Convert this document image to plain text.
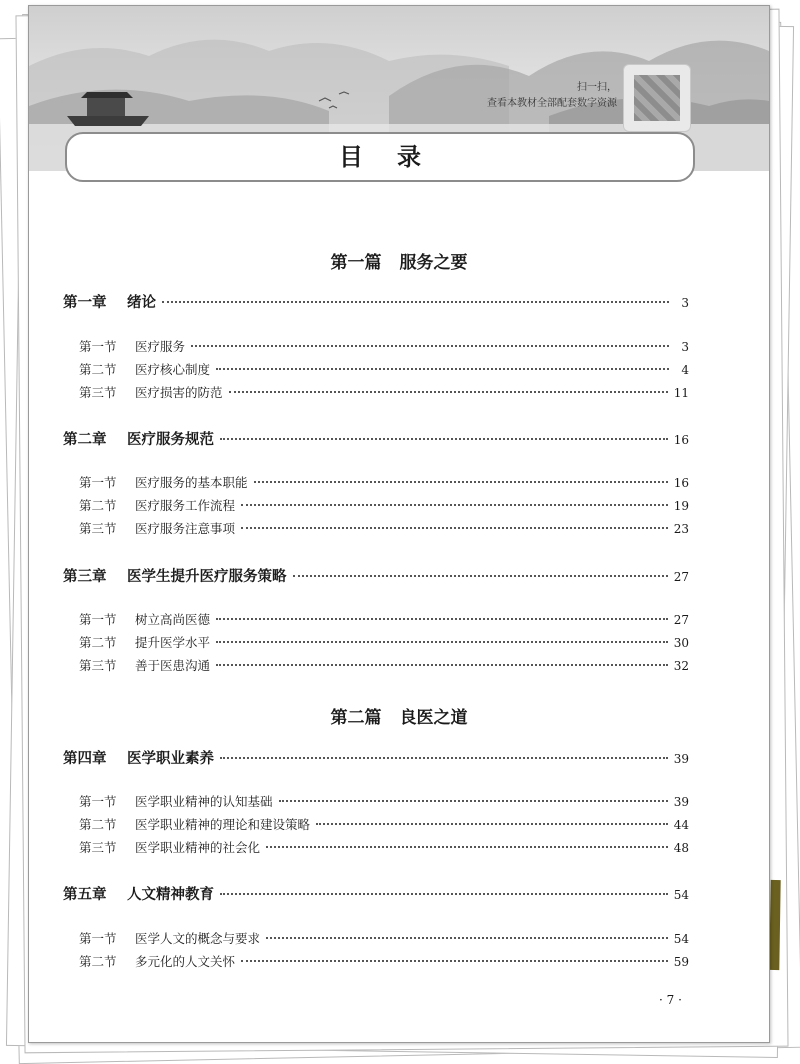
扫一扫，
查看本教材全部配套数字资源
目录
第一篇 服务之要
第一章	绪论	3
第一节	医疗服务	3
第二节	医疗核心制度	4
第三节	医疗损害的防范	11
第二章	医疗服务规范	16
第一节	医疗服务的基本职能	16
第二节	医疗服务工作流程	19
第三节	医疗服务注意事项	23
第三章	医学生提升医疗服务策略	27
第一节	树立高尚医德	27
第二节	提升医学水平	30
第三节	善于医患沟通	32
第二篇 良医之道
第四章	医学职业素养	39
第一节	医学职业精神的认知基础	39
第二节	医学职业精神的理论和建设策略	44
第三节	医学职业精神的社会化	48
第五章	人文精神教育	54
第一节	医学人文的概念与要求	54
第二节	多元化的人文关怀	59
· 7 ·
